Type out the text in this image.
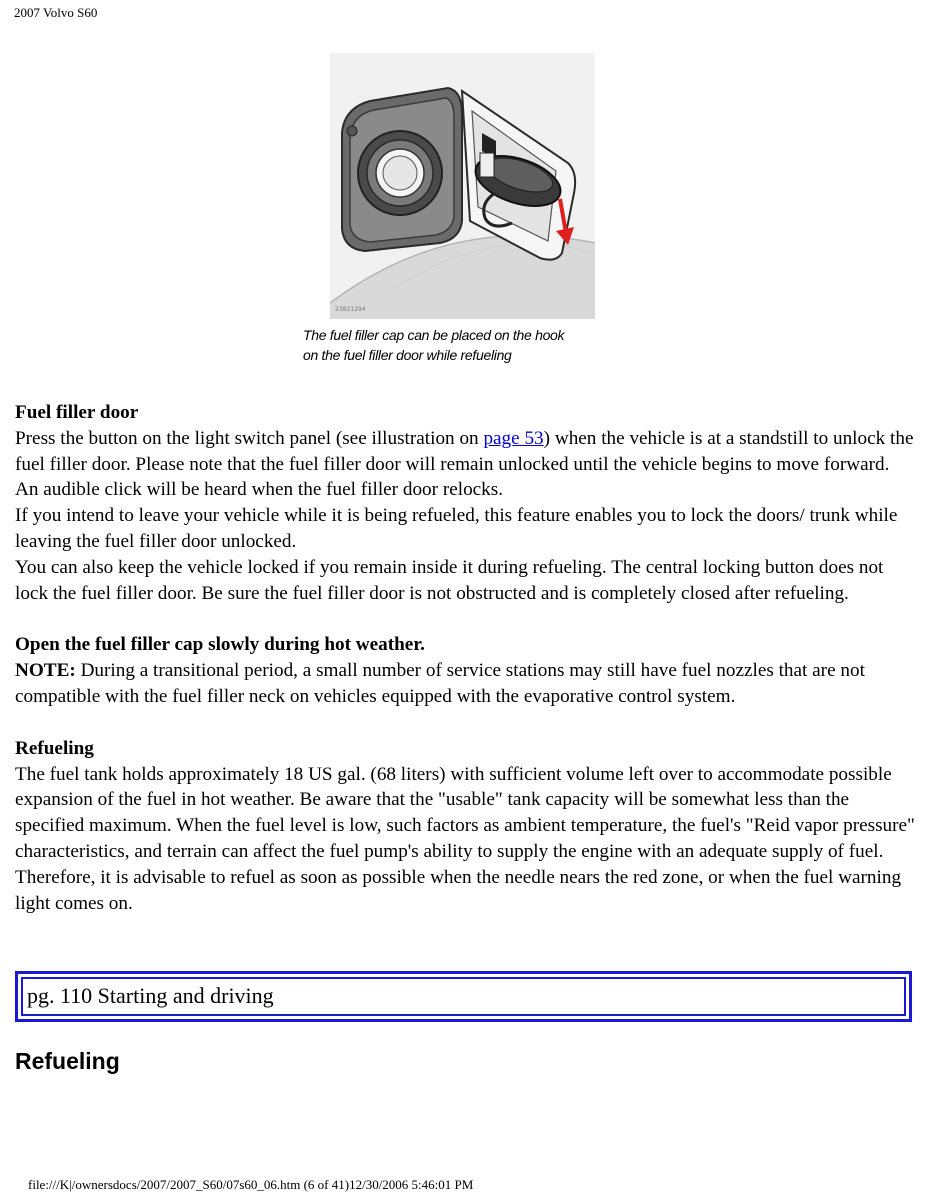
2007 Volvo S60
23821294
The fuel filler cap can be placed on the hook
on the fuel filler door while refueling

Fuel filler door

Press the button on the light switch panel (see illustration on page 53) when the vehicle is at a standstill to unlock the fuel filler door. Please note that the fuel filler door will remain unlocked until the vehicle begins to move forward. An audible click will be heard when the fuel filler door relocks.

If you intend to leave your vehicle while it is being refueled, this feature enables you to lock the doors/ trunk while leaving the fuel filler door unlocked.

You can also keep the vehicle locked if you remain inside it during refueling. The central locking button does not lock the fuel filler door. Be sure the fuel filler door is not obstructed and is completely closed after refueling.

Open the fuel filler cap slowly during hot weather.

NOTE: During a transitional period, a small number of service stations may still have fuel nozzles that are not compatible with the fuel filler neck on vehicles equipped with the evaporative control system.

Refueling

The fuel tank holds approximately 18 US gal. (68 liters) with sufficient volume left over to accommodate possible expansion of the fuel in hot weather. Be aware that the "usable" tank capacity will be somewhat less than the specified maximum. When the fuel level is low, such factors as ambient temperature, the fuel's "Reid vapor pressure" characteristics, and terrain can affect the fuel pump's ability to supply the engine with an adequate supply of fuel. Therefore, it is advisable to refuel as soon as possible when the needle nears the red zone, or when the fuel warning light comes on.

pg. 110 Starting and driving
Refueling
file:///K|/ownersdocs/2007/2007_S60/07s60_06.htm (6 of 41)12/30/2006 5:46:01 PM
